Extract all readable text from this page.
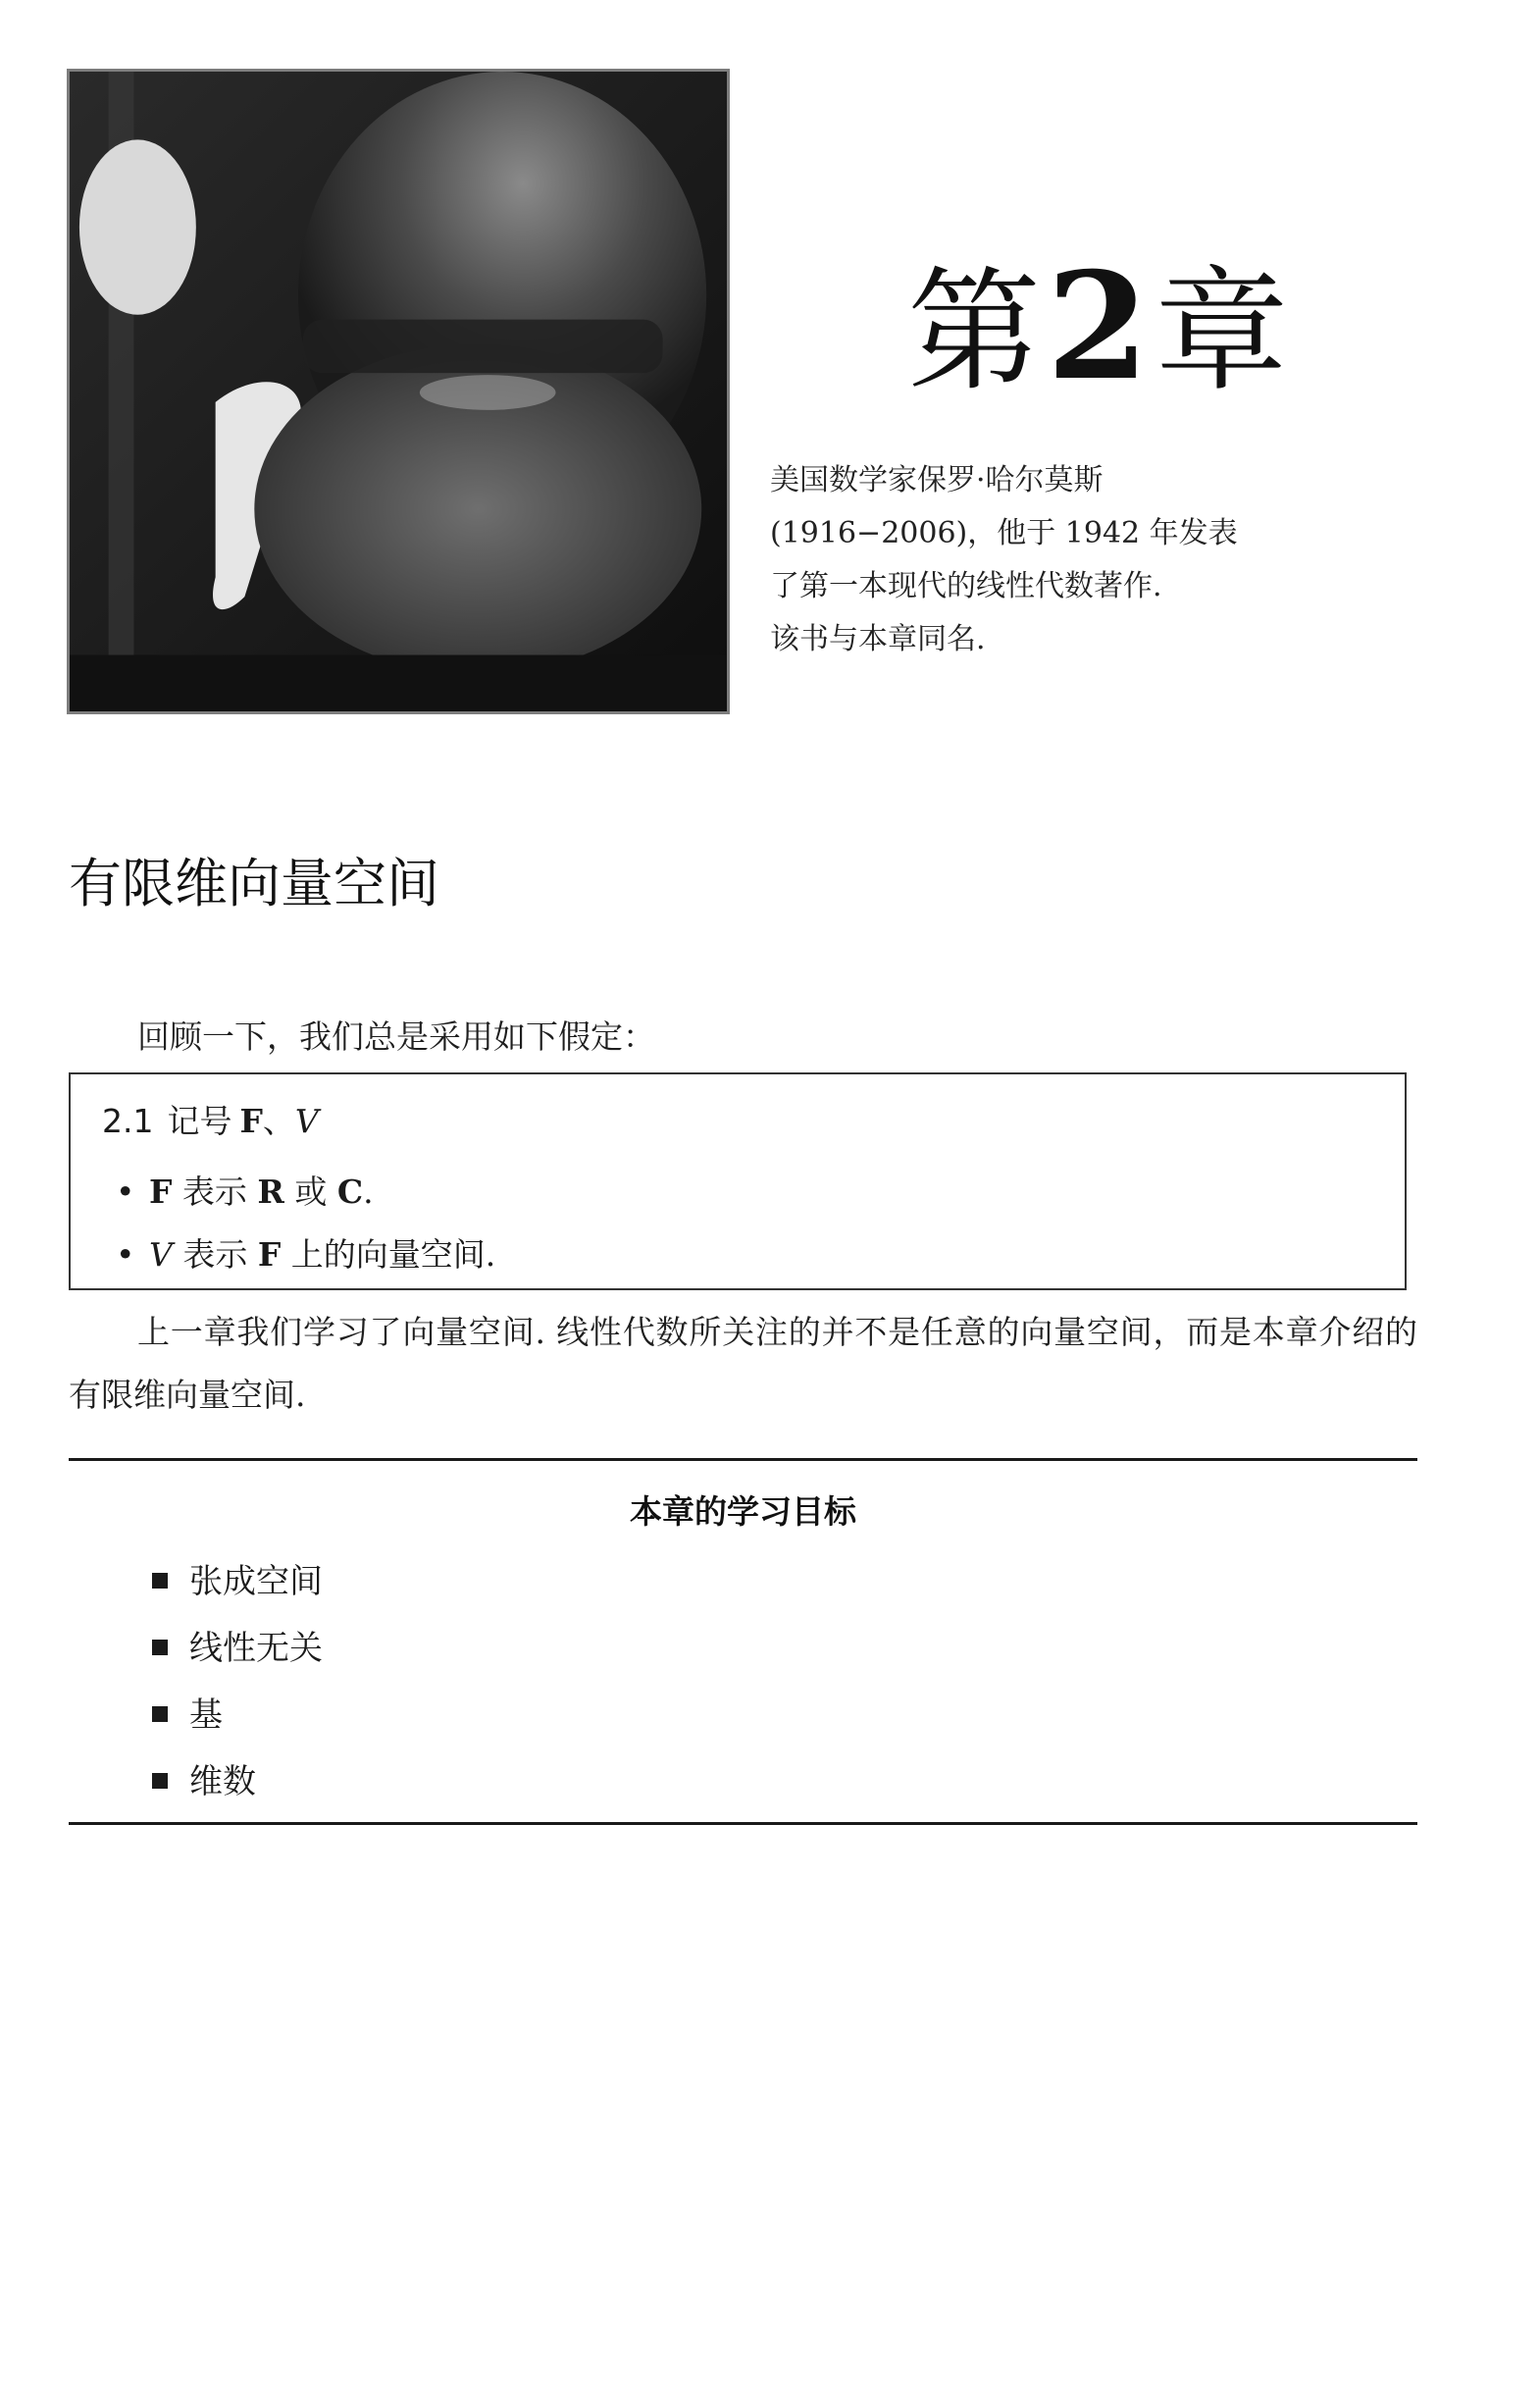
第2章
美国数学家保罗·哈尔莫斯
(1916−2006)，他于 1942 年发表
了第一本现代的线性代数著作.
该书与本章同名.
有限维向量空间
回顾一下，我们总是采用如下假定：
2.1 记号 F、V
• F 表示 R 或 C.
• V 表示 F 上的向量空间.
上一章我们学习了向量空间. 线性代数所关注的并不是任意的向量空间，而是本章介绍的有限维向量空间.
本章的学习目标
张成空间
线性无关
基
维数
